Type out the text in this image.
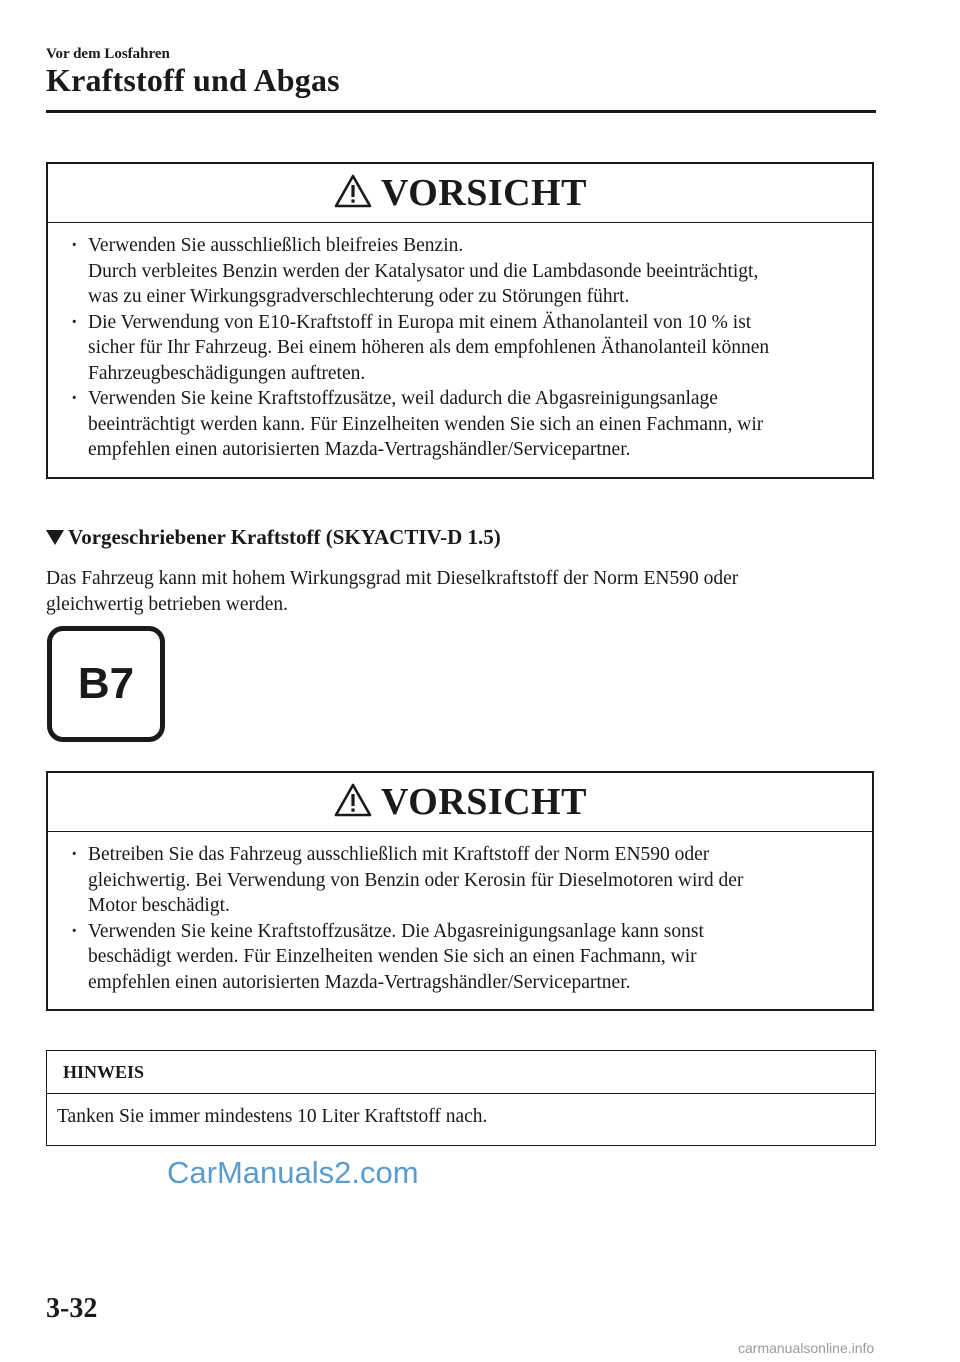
Vor dem Losfahren
Kraftstoff und Abgas
VORSICHT

· Verwenden Sie ausschließlich bleifreies Benzin.
Durch verbleites Benzin werden der Katalysator und die Lambdasonde beeinträchtigt,
was zu einer Wirkungsgradverschlechterung oder zu Störungen führt.

· Die Verwendung von E10-Kraftstoff in Europa mit einem Äthanolanteil von 10 % ist
sicher für Ihr Fahrzeug. Bei einem höheren als dem empfohlenen Äthanolanteil können
Fahrzeugbeschädigungen auftreten.

· Verwenden Sie keine Kraftstoffzusätze, weil dadurch die Abgasreinigungsanlage
beeinträchtigt werden kann. Für Einzelheiten wenden Sie sich an einen Fachmann, wir
empfehlen einen autorisierten Mazda-Vertragshändler/Servicepartner.

Vorgeschriebener Kraftstoff (SKYACTIV-D 1.5)
Das Fahrzeug kann mit hohem Wirkungsgrad mit Dieselkraftstoff der Norm EN590 oder
gleichwertig betrieben werden.
B7
VORSICHT

· Betreiben Sie das Fahrzeug ausschließlich mit Kraftstoff der Norm EN590 oder
gleichwertig. Bei Verwendung von Benzin oder Kerosin für Dieselmotoren wird der
Motor beschädigt.

· Verwenden Sie keine Kraftstoffzusätze. Die Abgasreinigungsanlage kann sonst
beschädigt werden. Für Einzelheiten wenden Sie sich an einen Fachmann, wir
empfehlen einen autorisierten Mazda-Vertragshändler/Servicepartner.

HINWEIS
Tanken Sie immer mindestens 10 Liter Kraftstoff nach.
CarManuals2.com
3-32
carmanualsonline.info
